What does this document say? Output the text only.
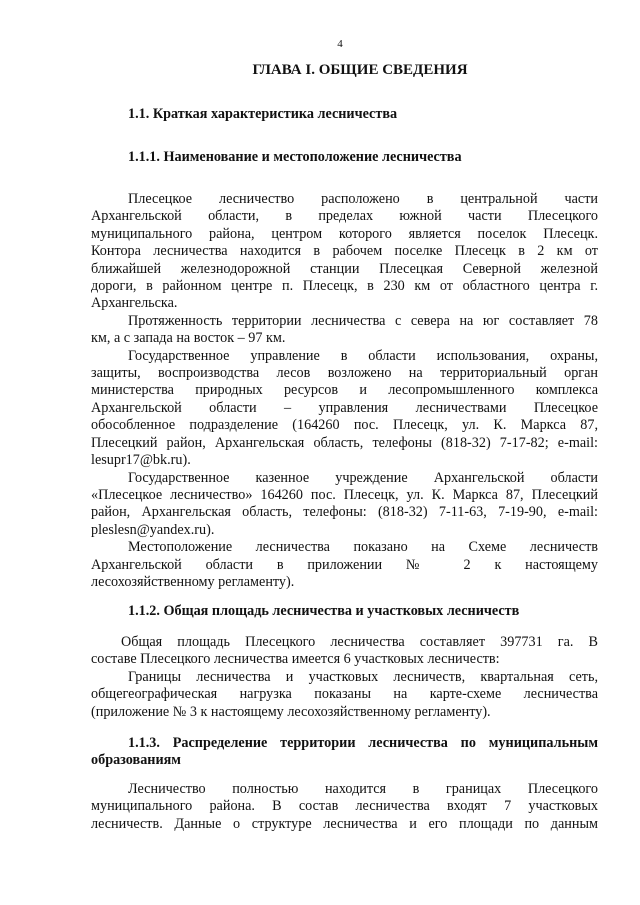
4
ГЛАВА I. ОБЩИЕ СВЕДЕНИЯ
1.1. Краткая характеристика лесничества
1.1.1. Наименование и местоположение лесничества
Плесецкое лесничество расположено в центральной части
Архангельской области, в пределах южной части Плесецкого
муниципального района, центром которого является поселок Плесецк.
Контора лесничества находится в рабочем поселке Плесецк в 2 км от
ближайшей железнодорожной станции Плесецкая Северной железной
дороги, в районном центре п. Плесецк, в 230 км от областного центра г.
Архангельска.
Протяженность территории лесничества с севера на юг составляет 78
км, а с запада на восток – 97 км.
Государственное управление в области использования, охраны,
защиты, воспроизводства лесов возложено на территориальный орган
министерства природных ресурсов и лесопромышленного комплекса
Архангельской области – управления лесничествами Плесецкое
обособленное подразделение (164260 пос. Плесецк, ул. К. Маркса 87,
Плесецкий район, Архангельская область, телефоны (818-32) 7-17-82; e-mail:
lesupr17@bk.ru).
Государственное казенное учреждение Архангельской области
«Плесецкое лесничество» 164260 пос. Плесецк, ул. К. Маркса 87, Плесецкий
район, Архангельская область, телефоны: (818-32) 7-11-63, 7-19-90, e-mail:
pleslesn@yandex.ru).
Местоположение лесничества показано на Схеме лесничеств
Архангельской области в приложении № 2 к настоящему
лесохозяйственному регламенту).
1.1.2. Общая площадь лесничества и участковых лесничеств
Общая площадь Плесецкого лесничества составляет 397731 га. В
составе Плесецкого лесничества имеется 6 участковых лесничеств:
Границы лесничества и участковых лесничеств, квартальная сеть,
общегеографическая нагрузка показаны на карте-схеме лесничества
(приложение № 3 к настоящему лесохозяйственному регламенту).
1.1.3. Распределение территории лесничества по муниципальным
образованиям
Лесничество полностью находится в границах Плесецкого
муниципального района. В состав лесничества входят 7 участковых
лесничеств. Данные о структуре лесничества и его площади по данным
